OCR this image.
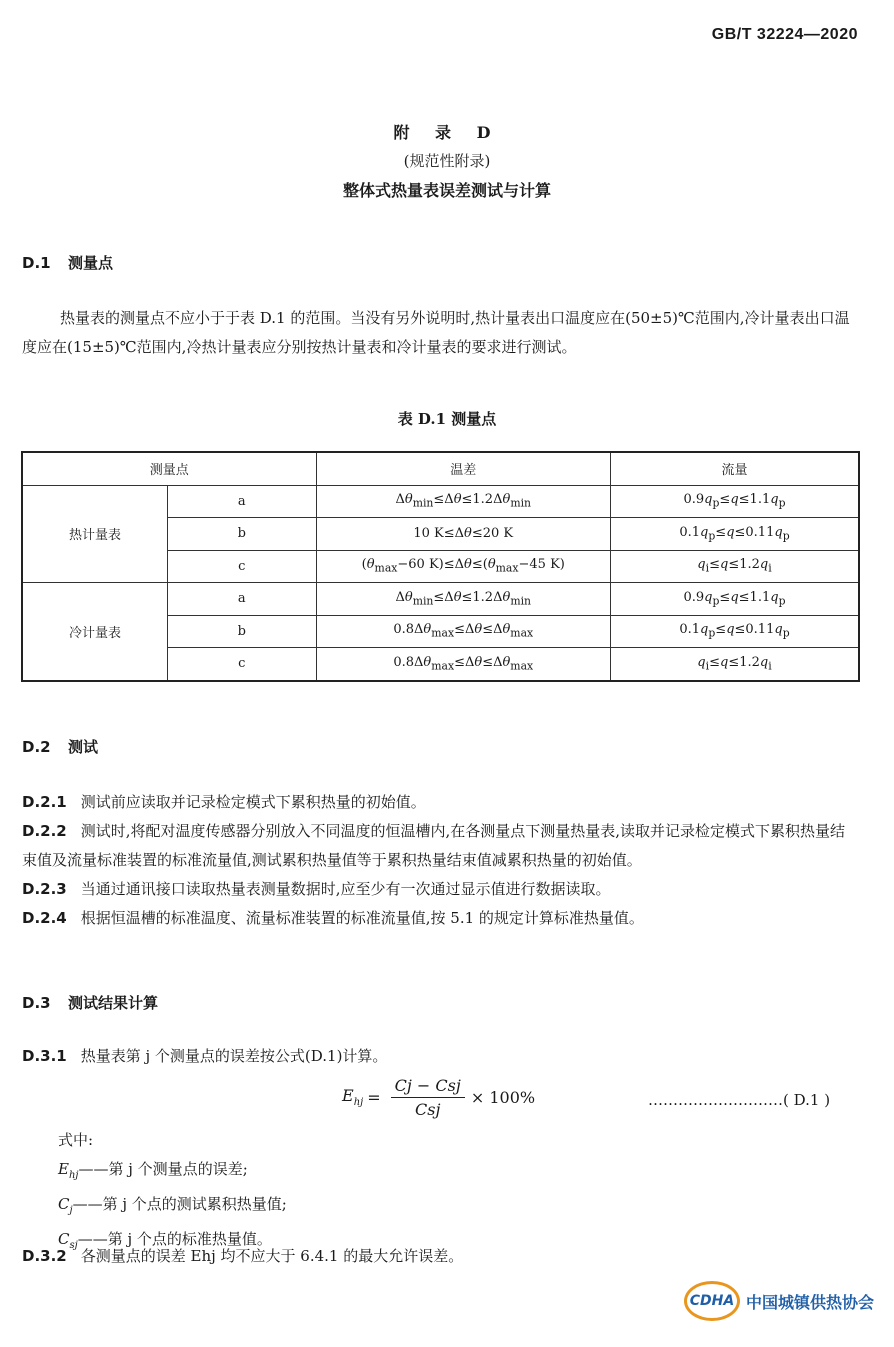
GB/T 32224—2020
附 录 D
(规范性附录)
整体式热量表误差测试与计算
D.1 测量点
热量表的测量点不应小于于表 D.1 的范围。当没有另外说明时,热计量表出口温度应在(50±5)℃范围内,冷计量表出口温度应在(15±5)℃范围内,冷热计量表应分别按热计量表和冷计量表的要求进行测试。
表 D.1 测量点
测量点		温差	流量
热计量表	a	$\Delta\theta_{min}\le\Delta\theta\le 1.2\Delta\theta_{min}$	$0.9q_p\le q\le 1.1q_p$
	b	10 K≤Δθ≤20 K	$0.1q_p\le q\le 0.11q_p$
	c	($\theta_{max}-60$ $K)\le\Delta\theta\le(\theta_{max}-45$ K)	$q_i\le q\le 1.2q_i$
冷计量表	a	$\Delta\theta_{min}\le\Delta\theta\le 1.2\Delta\theta_{min}$	$0.9q_p\le q\le 1.1q_p$
	b	$0.8\Delta\theta_{max}\le\Delta\theta\le\Delta\theta_{max}$	$0.1q_p\le q\le 0.11q_p$
	c	$0.8\Delta\theta_{max}\le\Delta\theta\le\Delta\theta_{max}$	$q_i\le q\le 1.2q_i$
D.2 测试
D.2.1 测试前应读取并记录检定模式下累积热量的初始值。
D.2.2 测试时,将配对温度传感器分别放入不同温度的恒温槽内,在各测量点下测量热量表,读取并记录检定模式下累积热量结束值及流量标准装置的标准流量值,测试累积热量值等于累积热量结束值减累积热量的初始值。
D.2.3 当通过通讯接口读取热量表测量数据时,应至少有一次通过显示值进行数据读取。
D.2.4 根据恒温槽的标准温度、流量标准装置的标准流量值,按 5.1 的规定计算标准热量值。
D.3 测试结果计算
D.3.1 热量表第 j 个测量点的误差按公式(D.1)计算。
$E_{hj} = \frac{\text{Cj − Csj}}{\text{Csj}} \times 100\%$	………………………( D.1 )
式中:
$E_{hj}——$第 j 个测量点的误差;
$C_j——$第 j 个点的测试累积热量值;
$C_{sj}——$第 j 个点的标准热量值。
D.3.2 各测量点的误差 Ehj 均不应大于 6.4.1 的最大允许误差。
CDHA 中国城镇供热协会
